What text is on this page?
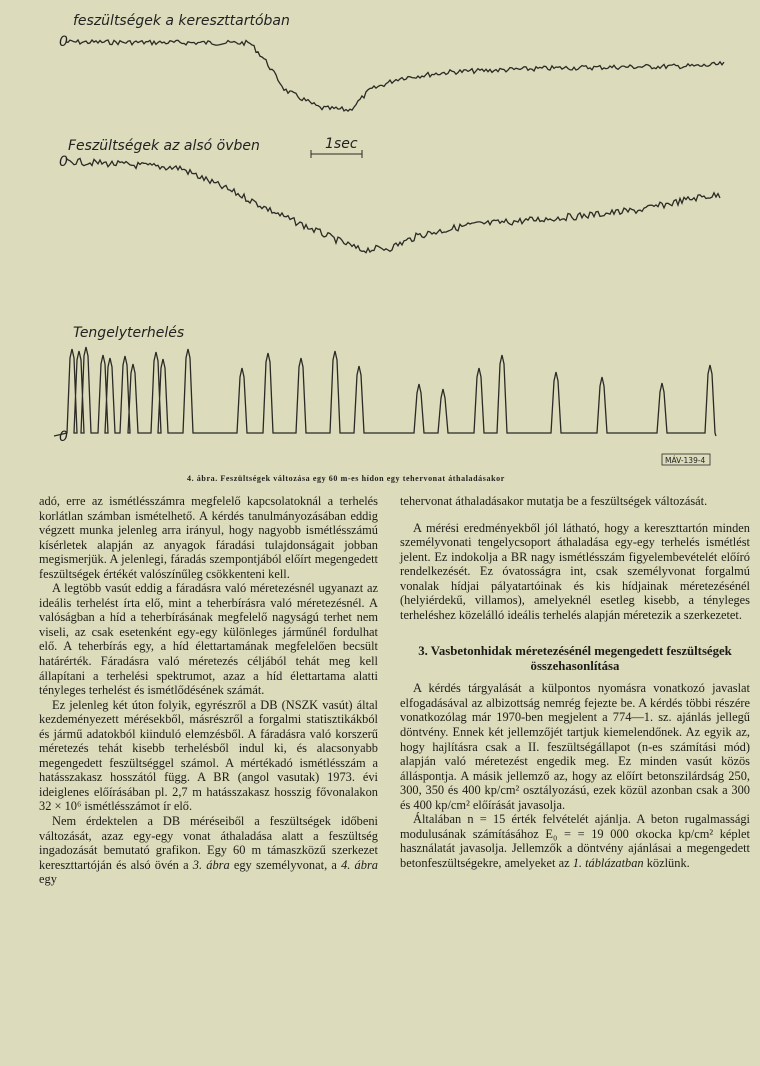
feszültségek a kereszttartóban
0
Feszültségek az alsó övben	1sec
0
Tengelyterhelés
0
4. ábra. Feszültségek változása egy 60 m-es hídon egy tehervonat áthaladásakor
MÁV-139-4

adó, erre az ismétlésszámra megfelelő kapcsolatoknál a terhelés korlátlan számban ismételhető. A kérdés tanulmányozásában eddig végzett munka jelenleg arra irányul, hogy nagyobb ismétlésszámú kísérletek alapján az anyagok fáradási tulajdonságait jobban megismerjük. A jelenlegi, fáradás szempontjából előírt megengedett feszültségek értékét valószínűleg csökkenteni kell.

A legtöbb vasút eddig a fáradásra való méretezésnél ugyanazt az ideális terhelést írta elő, mint a teherbírásra való méretezésnél. A valóságban a híd a teherbírásának megfelelő nagyságú terhet nem viseli, az csak esetenként egy-egy különleges járműnél fordulhat elő. A teherbírás egy, a híd élettartamának megfelelően becsült határérték. Fáradásra való méretezés céljából tehát meg kell állapítani a terhelési spektrumot, azaz a híd élettartama alatti tényleges terhelést és ismétlődésének számát.

Ez jelenleg két úton folyik, egyrészről a DB (NSZK vasút) által kezdeményezett mérésekből, másrészről a forgalmi statisztikákból és jármű adatokból kiinduló elemzésből. A fáradásra való korszerű méretezés tehát kisebb terhelésből indul ki, és alacsonyabb megengedett feszültséggel számol. A mértékadó ismétlésszám a hatásszakasz hosszától függ. A BR (angol vasutak) 1973. évi ideiglenes előírásában pl. 2,7 m hatásszakasz hosszig fővonalakon 32 × 10⁶ ismétlésszámot ír elő.

Nem érdektelen a DB méréseiből a feszültségek időbeni változását, azaz egy-egy vonat áthaladása alatt a feszültség ingadozását bemutató grafikon. Egy 60 m támaszközű szerkezet kereszttartóján és alsó övén a 3. ábra egy személyvonat, a 4. ábra egy

tehervonat áthaladásakor mutatja be a feszültségek változását.

A mérési eredményekből jól látható, hogy a kereszttartón minden személyvonati tengelycsoport áthaladása egy-egy terhelés ismétlést jelent. Ez indokolja a BR nagy ismétlésszám figyelembevételét előíró rendelkezését. Ez óvatosságra int, csak személyvonat forgalmú vonalak hídjai pályatartóinak és kis hídjainak méretezésénél (helyiérdekű, villamos), amelyeknél esetleg kisebb, a tényleges terheléshez közelálló ideális terhelés alapján méretezik a szerkezetet.

3. Vasbetonhidak méretezésénél megengedett feszültségek összehasonlítása

A kérdés tárgyalását a külpontos nyomásra vonatkozó javaslat elfogadásával az albizottság nemrég fejezte be. A kérdés többi részére vonatkozólag már 1970-ben megjelent a 774—1. sz. ajánlás jellegű döntvény. Ennek két jellemzőjét tartjuk kiemelendőnek. Az egyik az, hogy hajlításra csak a II. feszültségállapot (n-es számítási mód) alapján való méretezést engedik meg. Ez minden vasút közös álláspontja. A másik jellemző az, hogy az előírt betonszilárdság 250, 300, 350 és 400 kp/cm² osztályozású, ezek közül azonban csak a 300 és 400 kp/cm² előírását javasolja.

Általában n = 15 érték felvételét ajánlja. A beton rugalmassági modulusának számításához E₀ = = 19 000 σkocka kp/cm² képlet használatát javasolja. Jellemzők a döntvény ajánlásai a megengedett betonfeszültségekre, amelyeket az 1. táblázatban közlünk.
